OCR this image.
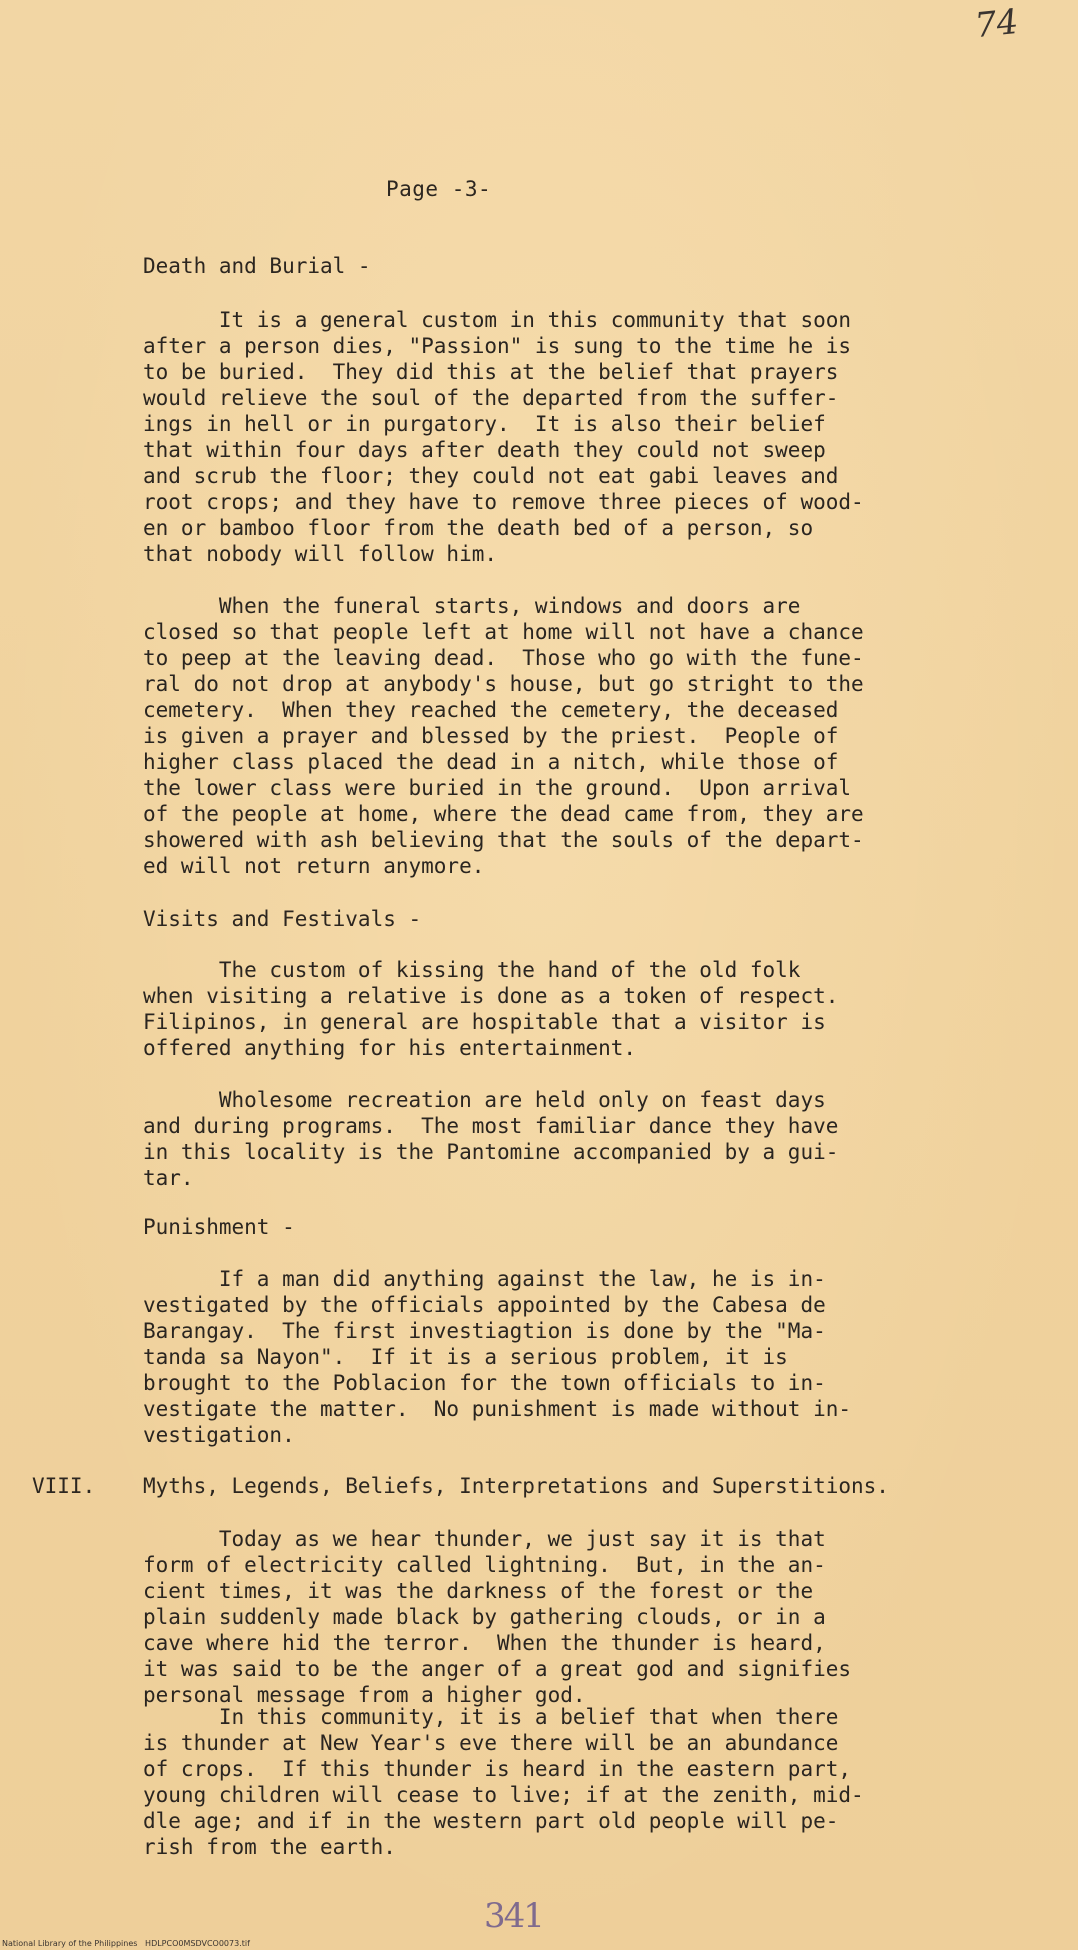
74
Page -3-
Death and Burial -
It is a general custom in this community that soon
after a person dies, "Passion" is sung to the time he is
to be buried.  They did this at the belief that prayers
would relieve the soul of the departed from the suffer-
ings in hell or in purgatory.  It is also their belief
that within four days after death they could not sweep
and scrub the floor; they could not eat gabi leaves and
root crops; and they have to remove three pieces of wood-
en or bamboo floor from the death bed of a person, so
that nobody will follow him.
When the funeral starts, windows and doors are
closed so that people left at home will not have a chance
to peep at the leaving dead.  Those who go with the fune-
ral do not drop at anybody's house, but go stright to the
cemetery.  When they reached the cemetery, the deceased
is given a prayer and blessed by the priest.  People of
higher class placed the dead in a nitch, while those of
the lower class were buried in the ground.  Upon arrival
of the people at home, where the dead came from, they are
showered with ash believing that the souls of the depart-
ed will not return anymore.
Visits and Festivals -
The custom of kissing the hand of the old folk
when visiting a relative is done as a token of respect.
Filipinos, in general are hospitable that a visitor is
offered anything for his entertainment.
Wholesome recreation are held only on feast days
and during programs.  The most familiar dance they have
in this locality is the Pantomine accompanied by a gui-
tar.
Punishment -
If a man did anything against the law, he is in-
vestigated by the officials appointed by the Cabesa de
Barangay.  The first investiagtion is done by the "Ma-
tanda sa Nayon".  If it is a serious problem, it is
brought to the Poblacion for the town officials to in-
vestigate the matter.  No punishment is made without in-
vestigation.
VIII. Myths, Legends, Beliefs, Interpretations and Superstitions.
Today as we hear thunder, we just say it is that
form of electricity called lightning.  But, in the an-
cient times, it was the darkness of the forest or the
plain suddenly made black by gathering clouds, or in a
cave where hid the terror.  When the thunder is heard,
it was said to be the anger of a great god and signifies
personal message from a higher god.
In this community, it is a belief that when there
is thunder at New Year's eve there will be an abundance
of crops.  If this thunder is heard in the eastern part,
young children will cease to live; if at the zenith, mid-
dle age; and if in the western part old people will pe-
rish from the earth.
341
National Library of the Philippines   HDLPCO0MSDVCO0073.tif
